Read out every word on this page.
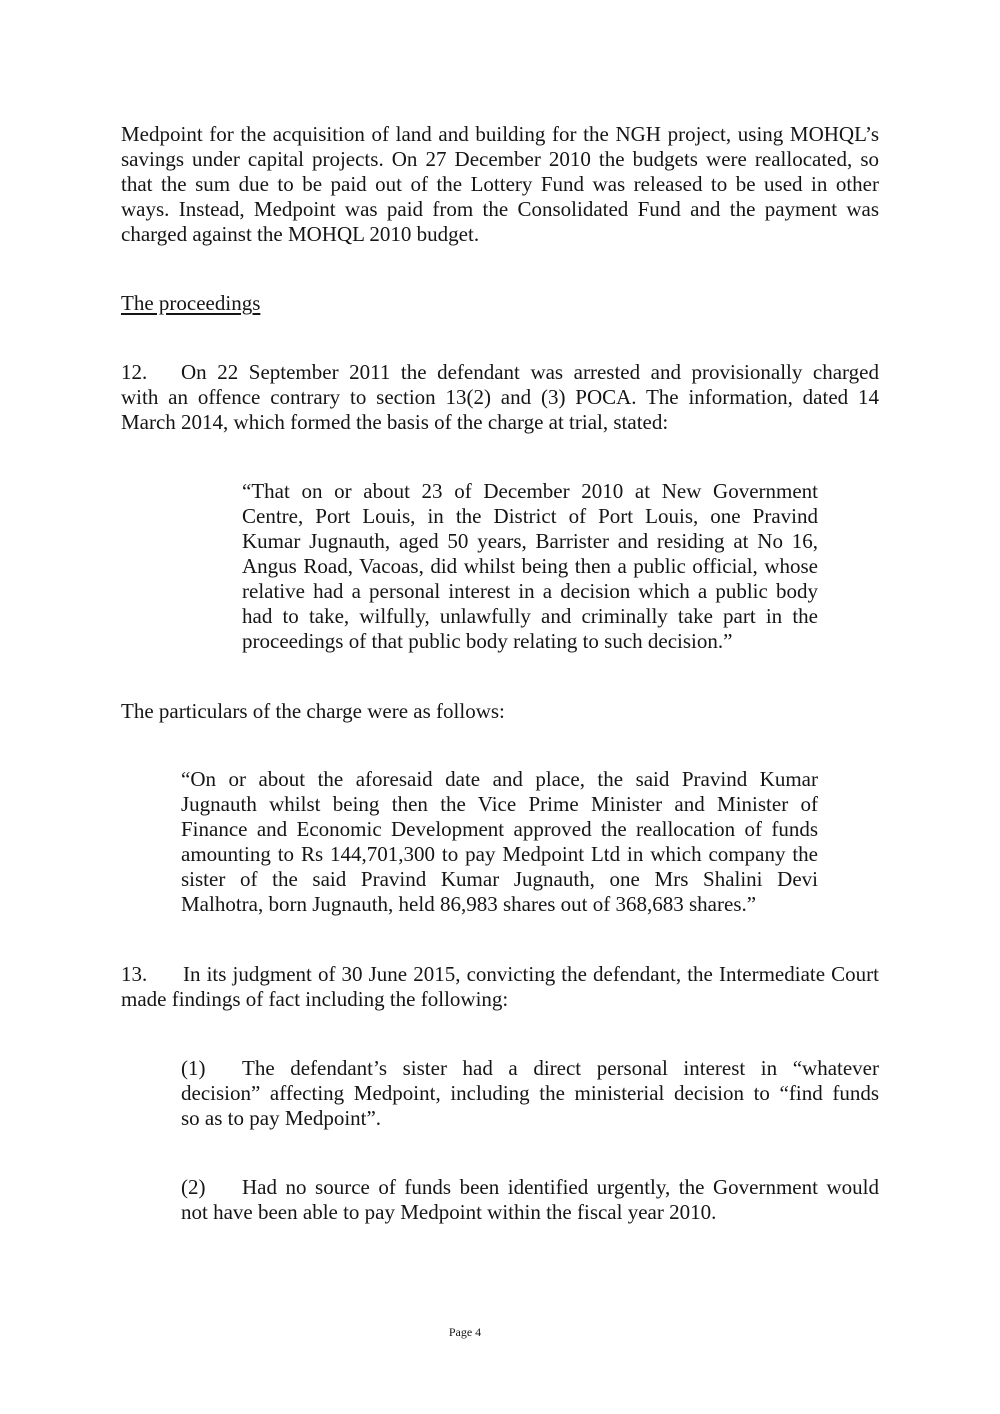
Medpoint for the acquisition of land and building for the NGH project, using MOHQL’s
savings under capital projects. On 27 December 2010 the budgets were reallocated, so
that the sum due to be paid out of the Lottery Fund was released to be used in other
ways. Instead, Medpoint was paid from the Consolidated Fund and the payment was
charged against the MOHQL 2010 budget.
The proceedings
12.	On 22 September 2011 the defendant was arrested and provisionally charged
with an offence contrary to section 13(2) and (3) POCA. The information, dated 14
March 2014, which formed the basis of the charge at trial, stated:
“That on or about 23 of December 2010 at New Government
Centre, Port Louis, in the District of Port Louis, one Pravind
Kumar Jugnauth, aged 50 years, Barrister and residing at No 16,
Angus Road, Vacoas, did whilst being then a public official, whose
relative had a personal interest in a decision which a public body
had to take, wilfully, unlawfully and criminally take part in the
proceedings of that public body relating to such decision.”
The particulars of the charge were as follows:
“On or about the aforesaid date and place, the said Pravind Kumar
Jugnauth whilst being then the Vice Prime Minister and Minister of
Finance and Economic Development approved the reallocation of funds
amounting to Rs 144,701,300 to pay Medpoint Ltd in which company the
sister of the said Pravind Kumar Jugnauth, one Mrs Shalini Devi
Malhotra, born Jugnauth, held 86,983 shares out of 368,683 shares.”
13.	In its judgment of 30 June 2015, convicting the defendant, the Intermediate Court
made findings of fact including the following:
(1)	The defendant’s sister had a direct personal interest in “whatever
decision” affecting Medpoint, including the ministerial decision to “find funds
so as to pay Medpoint”.
(2)	Had no source of funds been identified urgently, the Government would
not have been able to pay Medpoint within the fiscal year 2010.
Page 4
